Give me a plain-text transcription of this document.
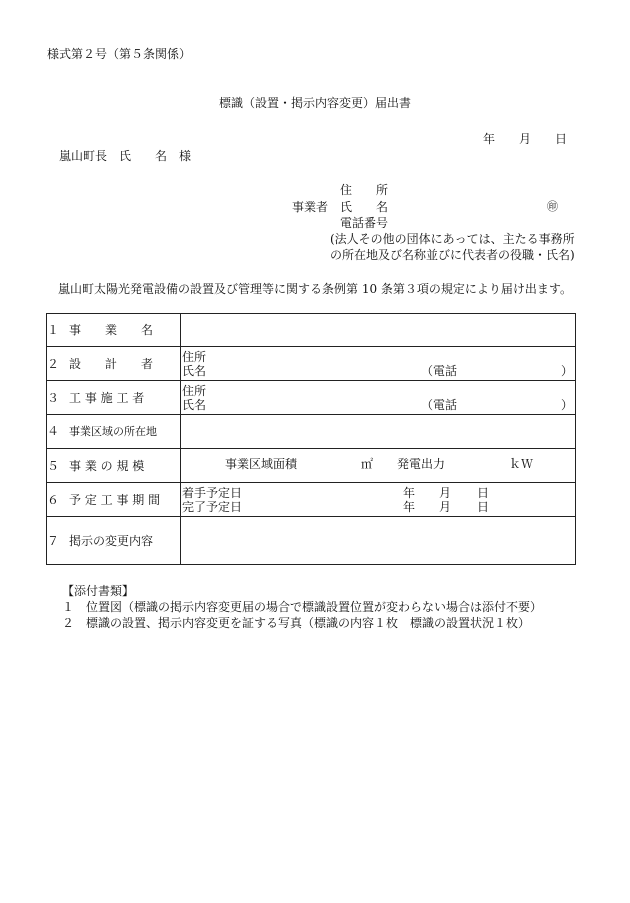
様式第２号（第５条関係）
標識（設置・掲示内容変更）届出書
年 月 日
嵐山町長　氏　　名　様
住　　所
事業者 氏　　名	㊞
電話番号
(法人その他の団体にあっては、主たる事務所
の所在地及び名称並びに代表者の役職・氏名)
嵐山町太陽光発電設備の設置及び管理等に関する条例第 10 条第３項の規定により届け出ます。
１ 事　　業　　名	
２ 設　　計　　者	住所
氏名 （電話 ）

３ 工 事 施 工 者	住所
氏名 （電話 ）

４ 事業区域の所在地	
５ 事 業 の 規 模	事業区域面積 ㎡ 発電出力 ｋＷ

６ 予 定 工 事 期 間	着手予定日 年 月 日
完了予定日 年 月 日

７ 掲示の変更内容	
【添付書類】
１　位置図（標識の掲示内容変更届の場合で標識設置位置が変わらない場合は添付不要）
２　標識の設置、掲示内容変更を証する写真（標識の内容１枚　標識の設置状況１枚）
